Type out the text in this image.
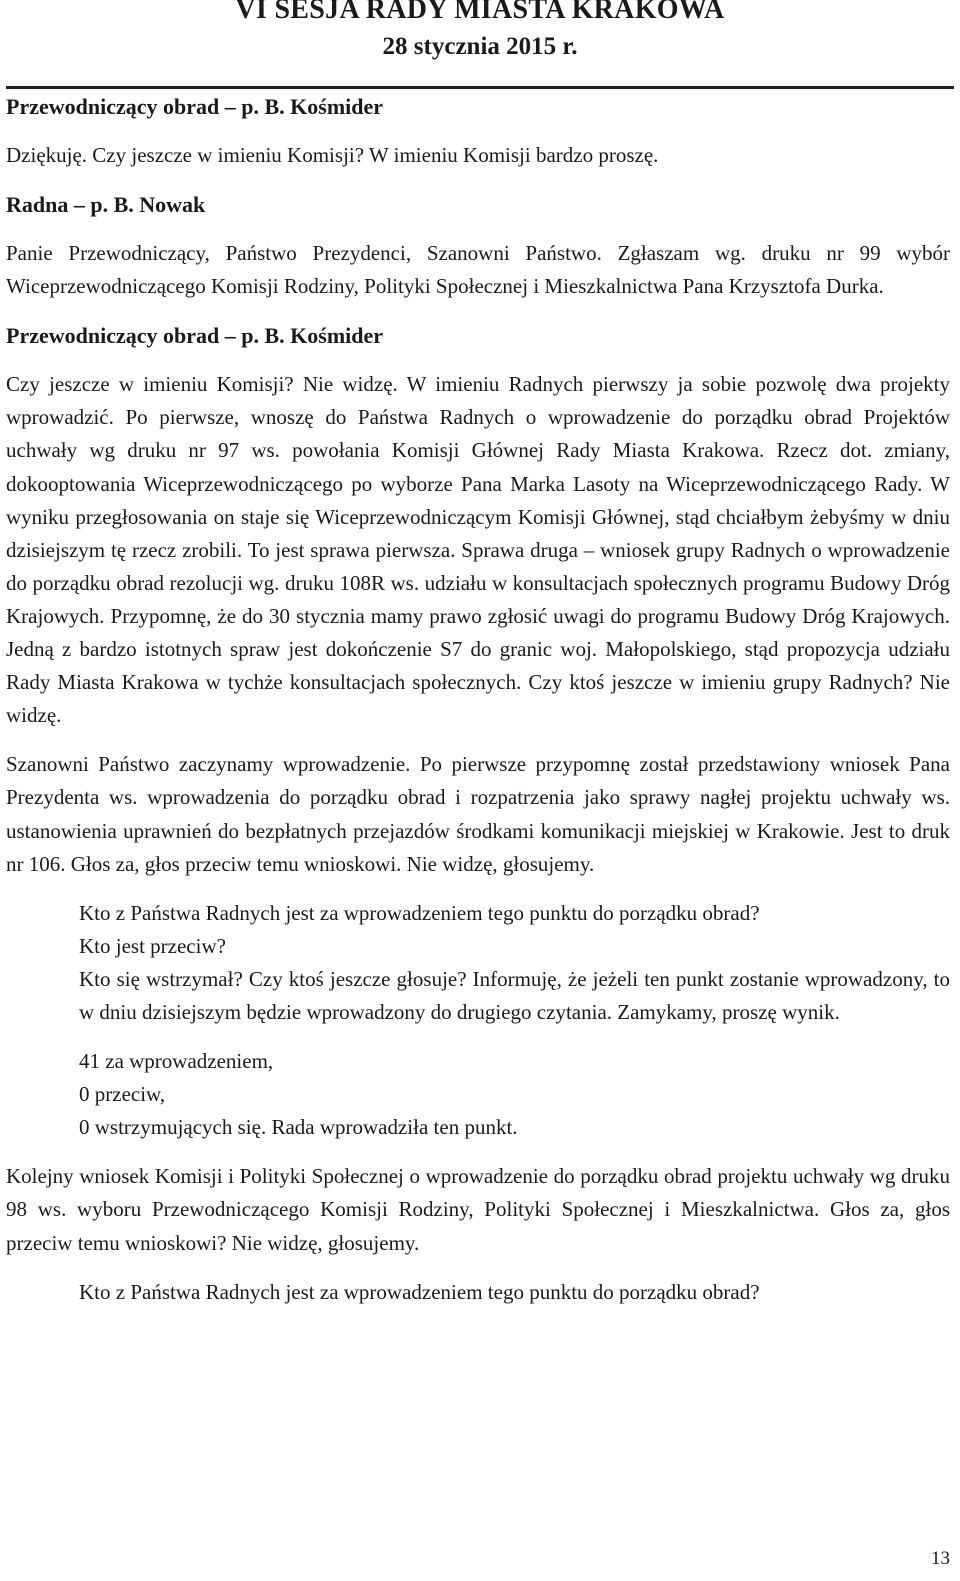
VI SESJA RADY MIASTA KRAKOWA
28 stycznia 2015 r.
Przewodniczący obrad – p. B. Kośmider
Dziękuję. Czy jeszcze w imieniu Komisji? W imieniu Komisji bardzo proszę.
Radna – p. B. Nowak
Panie Przewodniczący, Państwo Prezydenci, Szanowni Państwo. Zgłaszam wg. druku nr 99 wybór Wiceprzewodniczącego Komisji Rodziny, Polityki Społecznej i Mieszkalnictwa Pana Krzysztofa Durka.
Przewodniczący obrad – p. B. Kośmider
Czy jeszcze w imieniu Komisji? Nie widzę. W imieniu Radnych pierwszy ja sobie pozwolę dwa projekty wprowadzić. Po pierwsze, wnoszę do Państwa Radnych o wprowadzenie do porządku obrad Projektów uchwały wg druku nr 97 ws. powołania Komisji Głównej Rady Miasta Krakowa. Rzecz dot. zmiany, dokooptowania Wiceprzewodniczącego po wyborze Pana Marka Lasoty na Wiceprzewodniczącego Rady. W wyniku przegłosowania on staje się Wiceprzewodniczącym Komisji Głównej, stąd chciałbym żebyśmy w dniu dzisiejszym tę rzecz zrobili. To jest sprawa pierwsza. Sprawa druga – wniosek grupy Radnych o wprowadzenie do porządku obrad rezolucji wg. druku 108R ws. udziału w konsultacjach społecznych programu Budowy Dróg Krajowych. Przypomnę, że do 30 stycznia mamy prawo zgłosić uwagi do programu Budowy Dróg Krajowych. Jedną z bardzo istotnych spraw jest dokończenie S7 do granic woj. Małopolskiego, stąd propozycja udziału Rady Miasta Krakowa w tychże konsultacjach społecznych. Czy ktoś jeszcze w imieniu grupy Radnych? Nie widzę.
Szanowni Państwo zaczynamy wprowadzenie. Po pierwsze przypomnę został przedstawiony wniosek Pana Prezydenta ws. wprowadzenia do porządku obrad i rozpatrzenia jako sprawy nagłej projektu uchwały ws. ustanowienia uprawnień do bezpłatnych przejazdów środkami komunikacji miejskiej w Krakowie. Jest to druk nr 106. Głos za, głos przeciw temu wnioskowi. Nie widzę, głosujemy.
Kto z Państwa Radnych jest za wprowadzeniem tego punktu do porządku obrad?
Kto jest przeciw?
Kto się wstrzymał? Czy ktoś jeszcze głosuje? Informuję, że jeżeli ten punkt zostanie wprowadzony, to w dniu dzisiejszym będzie wprowadzony do drugiego czytania. Zamykamy, proszę wynik.
41 za wprowadzeniem,
0 przeciw,
0 wstrzymujących się. Rada wprowadziła ten punkt.
Kolejny wniosek Komisji i Polityki Społecznej o wprowadzenie do porządku obrad projektu uchwały wg druku 98 ws. wyboru Przewodniczącego Komisji Rodziny, Polityki Społecznej i Mieszkalnictwa. Głos za, głos przeciw temu wnioskowi? Nie widzę, głosujemy.
Kto z Państwa Radnych jest za wprowadzeniem tego punktu do porządku obrad?
13
